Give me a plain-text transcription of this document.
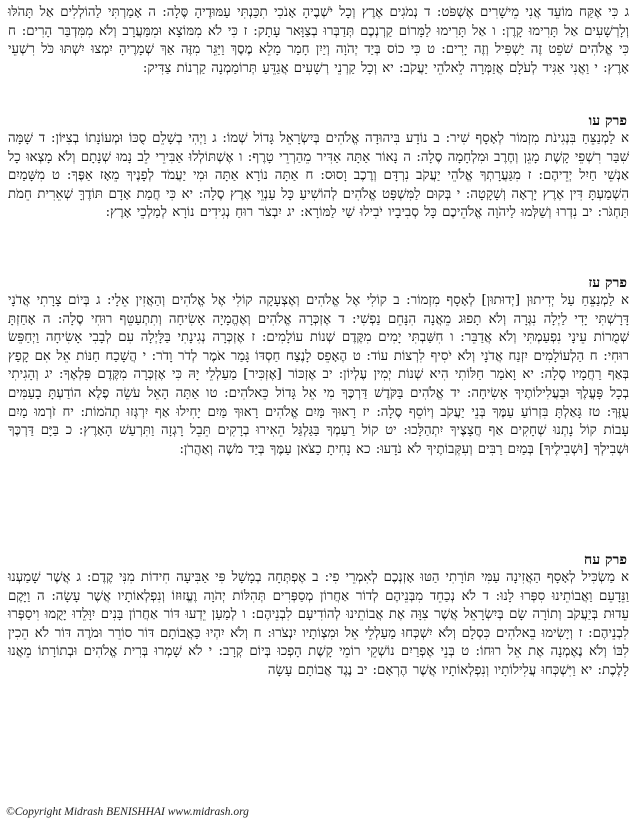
ג כִּי אֶקַּח מוֹעֵד אֲנִי מֵישָׁרִים אֶשְׁפֹּט: ד נְמֹגִים אֶרֶץ וְכָל יֹשְׁבֶיהָ אָנֹכִי תִכַּנְתִּי עַמּוּדֶיהָ סֶּלָה: ה אָמַרְתִּי לַהוֹלְלִים אַל תָּהֹלּוּ וְלָרְשָׁעִים אַל תָּרִימוּ קָרֶן: ו אַל תָּרִימוּ לַמָּרוֹם קַרְנְכֶם תְּדַבְּרוּ בְצַוָּאר עָתָק: ז כִּי לֹא מִמּוֹצָא וּמִמַּעֲרָב וְלֹא מִמִּדְבַּר הָרִים: ח כִּי אֱלֹהִים שֹׁפֵט זֶה יַשְׁפִּיל וְזֶה יָרִים: ט כִּי כוֹס בְּיַד יְהֹוָה וְיַיִן חָמַר מָלֵא מֶסֶךְ וַיַּגֵּר מִזֶּה אַךְ שְׁמָרֶיהָ יִמְצוּ יִשְׁתּוּ כֹּל רִשְׁעֵי אָרֶץ: י וַאֲנִי אַגִּיד לְעֹלָם אֲזַמְּרָה לֵאלֹהֵי יַעֲקֹב: יא וְכָל קַרְנֵי רְשָׁעִים אֲגַדֵּעַ תְּרוֹמַמְנָה קַרְנוֹת צַדִּיק:

פרק עו

א לַמְנַצֵּחַ בִּנְגִינֹת מִזְמוֹר לְאָסָף שִׁיר: ב נוֹדָע בִּיהוּדָה אֱלֹהִים בְּיִשְׂרָאֵל גָּדוֹל שְׁמוֹ: ג וַיְהִי בְשָׁלֵם סֻכּוֹ וּמְעוֹנָתוֹ בְצִיּוֹן: ד שָׁמָּה שִׁבַּר רִשְׁפֵי קָשֶׁת מָגֵן וְחֶרֶב וּמִלְחָמָה סֶלָה: ה נָאוֹר אַתָּה אַדִּיר מֵהַרְרֵי טָרֶף: ו אֶשְׁתּוֹלְלוּ אַבִּירֵי לֵב נָמוּ שְׁנָתָם וְלֹא מָצְאוּ כָל אַנְשֵׁי חַיִל יְדֵיהֶם: ז מִגַּעֲרָתְךָ אֱלֹהֵי יַעֲקֹב נִרְדָּם וְרֶכֶב וָסוּס: ח אַתָּה נוֹרָא אַתָּה וּמִי יַעֲמֹד לְפָנֶיךָ מֵאָז אַפֶּךָ: ט מִשָּׁמַיִם הִשְׁמַעְתָּ דִּין אֶרֶץ יָרְאָה וְשָׁקָטָה: י בְּקוּם לַמִּשְׁפָּט אֱלֹהִים לְהוֹשִׁיעַ כָּל עַנְוֵי אֶרֶץ סֶלָה: יא כִּי חֲמַת אָדָם תּוֹדֶךָּ שְׁאֵרִית חֵמֹת תַּחְגֹּר: יב נִדְרוּ וְשַׁלְּמוּ לַיהֹוָה אֱלֹהֵיכֶם כָּל סְבִיבָיו יֹבִילוּ שַׁי לַמּוֹרָא: יג יִבְצֹר רוּחַ נְגִידִים נוֹרָא לְמַלְכֵי אָרֶץ:

פרק עז

א לַמְנַצֵּחַ עַל יְדִיתוּן [יְדוּתוּן] לְאָסָף מִזְמוֹר: ב קוֹלִי אֶל אֱלֹהִים וְאֶצְעָקָה קוֹלִי אֶל אֱלֹהִים וְהַאֲזִין אֵלָי: ג בְּיוֹם צָרָתִי אֲדֹנָי דָּרָשְׁתִּי יָדִי לַיְלָה נִגְּרָה וְלֹא תָפוּג מֵאֲנָה הִנָּחֵם נַפְשִׁי: ד אֶזְכְּרָה אֱלֹהִים וְאֶהֱמָיָה אָשִׂיחָה וְתִתְעַטֵּף רוּחִי סֶלָה: ה אָחַזְתָּ שְׁמֻרוֹת עֵינָי נִפְעַמְתִּי וְלֹא אֲדַבֵּר: ו חִשַּׁבְתִּי יָמִים מִקֶּדֶם שְׁנוֹת עוֹלָמִים: ז אֶזְכְּרָה נְגִינָתִי בַּלָּיְלָה עִם לְבָבִי אָשִׂיחָה וַיְחַפֵּשׂ רוּחִי: ח הַלְעוֹלָמִים יִזְנַח אֲדֹנָי וְלֹא יֹסִיף לִרְצוֹת עוֹד: ט הֶאָפֵס לָנֶצַח חַסְדּוֹ גָּמַר אֹמֶר לְדֹר וָדֹר: י הֲשָׁכַח חַנּוֹת אֵל אִם קָפַץ בְּאַף רַחֲמָיו סֶלָה: יא וָאֹמַר חַלּוֹתִי הִיא שְׁנוֹת יְמִין עֶלְיוֹן: יב אֶזְכּוֹר [אֶזְכִּיר] מַעַלְלֵי יָהּ כִּי אֶזְכְּרָה מִקֶּדֶם פִּלְאֶךָ: יג וְהָגִיתִי בְכָל פָּעֳלֶךָ וּבַעֲלִילוֹתֶיךָ אָשִׂיחָה: יד אֱלֹהִים בַּקֹּדֶשׁ דַּרְכֶּךָ מִי אֵל גָּדוֹל כֵּאלֹהִים: טו אַתָּה הָאֵל עֹשֵׂה פֶלֶא הוֹדַעְתָּ בָעַמִּים עֻזֶּךָ: טז גָּאַלְתָּ בִּזְרוֹעַ עַמֶּךָ בְּנֵי יַעֲקֹב וְיוֹסֵף סֶלָה: יז רָאוּךָ מַּיִם אֱלֹהִים רָאוּךָ מַּיִם יָחִילוּ אַף יִרְגְּזוּ תְהֹמוֹת: יח זֹרְמוּ מַיִם עָבוֹת קוֹל נָתְנוּ שְׁחָקִים אַף חֲצָצֶיךָ יִתְהַלָּכוּ: יט קוֹל רַעַמְךָ בַּגַּלְגַּל הֵאִירוּ בְרָקִים תֵּבֵל רָגְזָה וַתִּרְעַשׁ הָאָרֶץ: כ בַּיָּם דַּרְכֶּךָ וּשְׁבִילְךָ [וּשְׁבִילֶיךָ] בְּמַיִם רַבִּים וְעִקְּבוֹתֶיךָ לֹא נֹדָעוּ: כא נָחִיתָ כַצֹּאן עַמֶּךָ בְּיַד מֹשֶׁה וְאַהֲרֹן:

פרק עח

א מַשְׂכִּיל לְאָסָף הַאֲזִינָה עַמִּי תּוֹרָתִי הַטּוּ אָזְנְכֶם לְאִמְרֵי פִי: ב אֶפְתְּחָה בְמָשָׁל פִּי אַבִּיעָה חִידוֹת מִנִּי קֶדֶם: ג אֲשֶׁר שָׁמַעְנוּ וַנֵּדָעֵם וַאֲבוֹתֵינוּ סִפְּרוּ לָנוּ: ד לֹא נְכַחֵד מִבְּנֵיהֶם לְדוֹר אַחֲרוֹן מְסַפְּרִים תְּהִלּוֹת יְהֹוָה וֶעֱזוּזוֹ וְנִפְלְאוֹתָיו אֲשֶׁר עָשָׂה: ה וַיָּקֶם עֵדוּת בְּיַעֲקֹב וְתוֹרָה שָׂם בְּיִשְׂרָאֵל אֲשֶׁר צִוָּה אֶת אֲבוֹתֵינוּ לְהוֹדִיעָם לִבְנֵיהֶם: ו לְמַעַן יֵדְעוּ דּוֹר אַחֲרוֹן בָּנִים יִוָּלֵדוּ יָקֻמוּ וִיסַפְּרוּ לִבְנֵיהֶם: ז וְיָשִׂימוּ בֵאלֹהִים כִּסְלָם וְלֹא יִשְׁכְּחוּ מַעַלְלֵי אֵל וּמִצְוֹתָיו יִנְצֹרוּ: ח וְלֹא יִהְיוּ כַּאֲבוֹתָם דּוֹר סוֹרֵר וּמֹרֶה דּוֹר לֹא הֵכִין לִבּוֹ וְלֹא נֶאֶמְנָה אֶת אֵל רוּחוֹ: ט בְּנֵי אֶפְרַיִם נוֹשְׁקֵי רוֹמֵי קָשֶׁת הָפְכוּ בְּיוֹם קְרָב: י לֹא שָׁמְרוּ בְּרִית אֱלֹהִים וּבְתוֹרָתוֹ מֵאֲנוּ לָלֶכֶת: יא וַיִּשְׁכְּחוּ עֲלִילוֹתָיו וְנִפְלְאוֹתָיו אֲשֶׁר הֶרְאָם: יב נֶגֶד אֲבוֹתָם עָשָׂה

©Copyright Midrash BENISHHAI www.midrash.org
